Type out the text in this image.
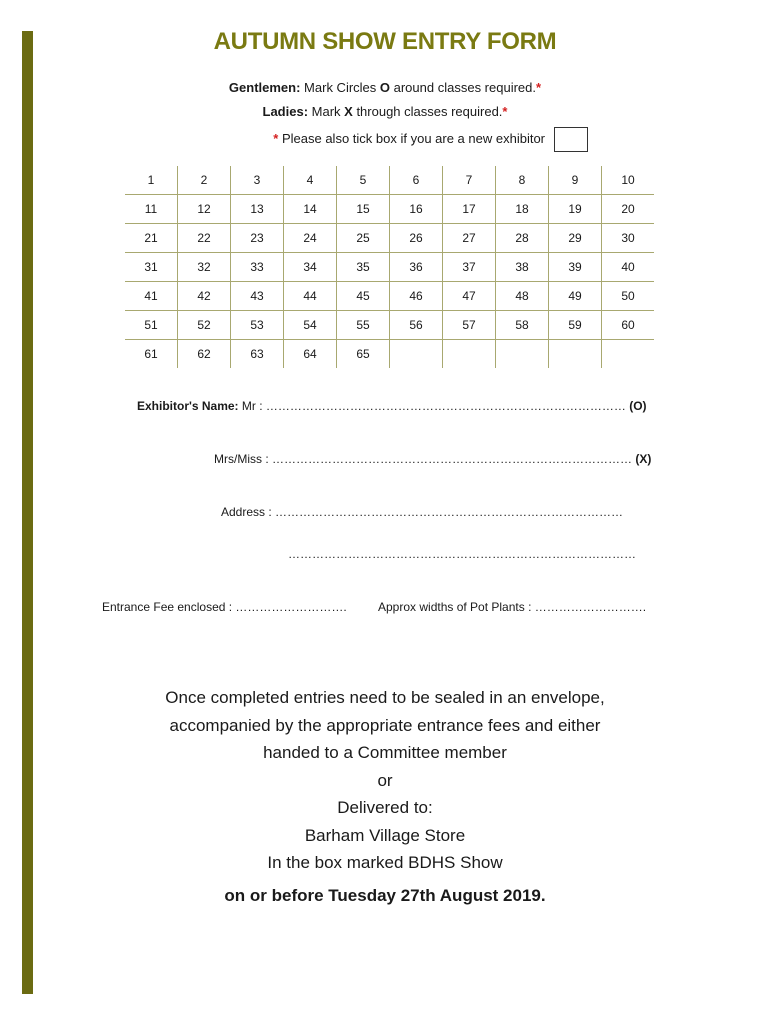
AUTUMN SHOW ENTRY FORM
Gentlemen: Mark Circles O around classes required.*
Ladies: Mark X through classes required.*
* Please also tick box if you are a new exhibitor
1	2	3	4	5	6	7	8	9	10
11	12	13	14	15	16	17	18	19	20
21	22	23	24	25	26	27	28	29	30
31	32	33	34	35	36	37	38	39	40
41	42	43	44	45	46	47	48	49	50
51	52	53	54	55	56	57	58	59	60
61	62	63	64	65					
Exhibitor's Name: Mr : ……………………………………………………………………………… (O)
Mrs/Miss : ……………………………………………………………………………… (X)
Address : ……………………………………………………………………………
……………………………………………………………………………
Entrance Fee enclosed : ……………………….	Approx widths of Pot Plants : ……………………….
Once completed entries need to be sealed in an envelope,
accompanied by the appropriate entrance fees and either
handed to a Committee member
or
Delivered to:
Barham Village Store
In the box marked BDHS Show
on or before Tuesday 27th August 2019.
